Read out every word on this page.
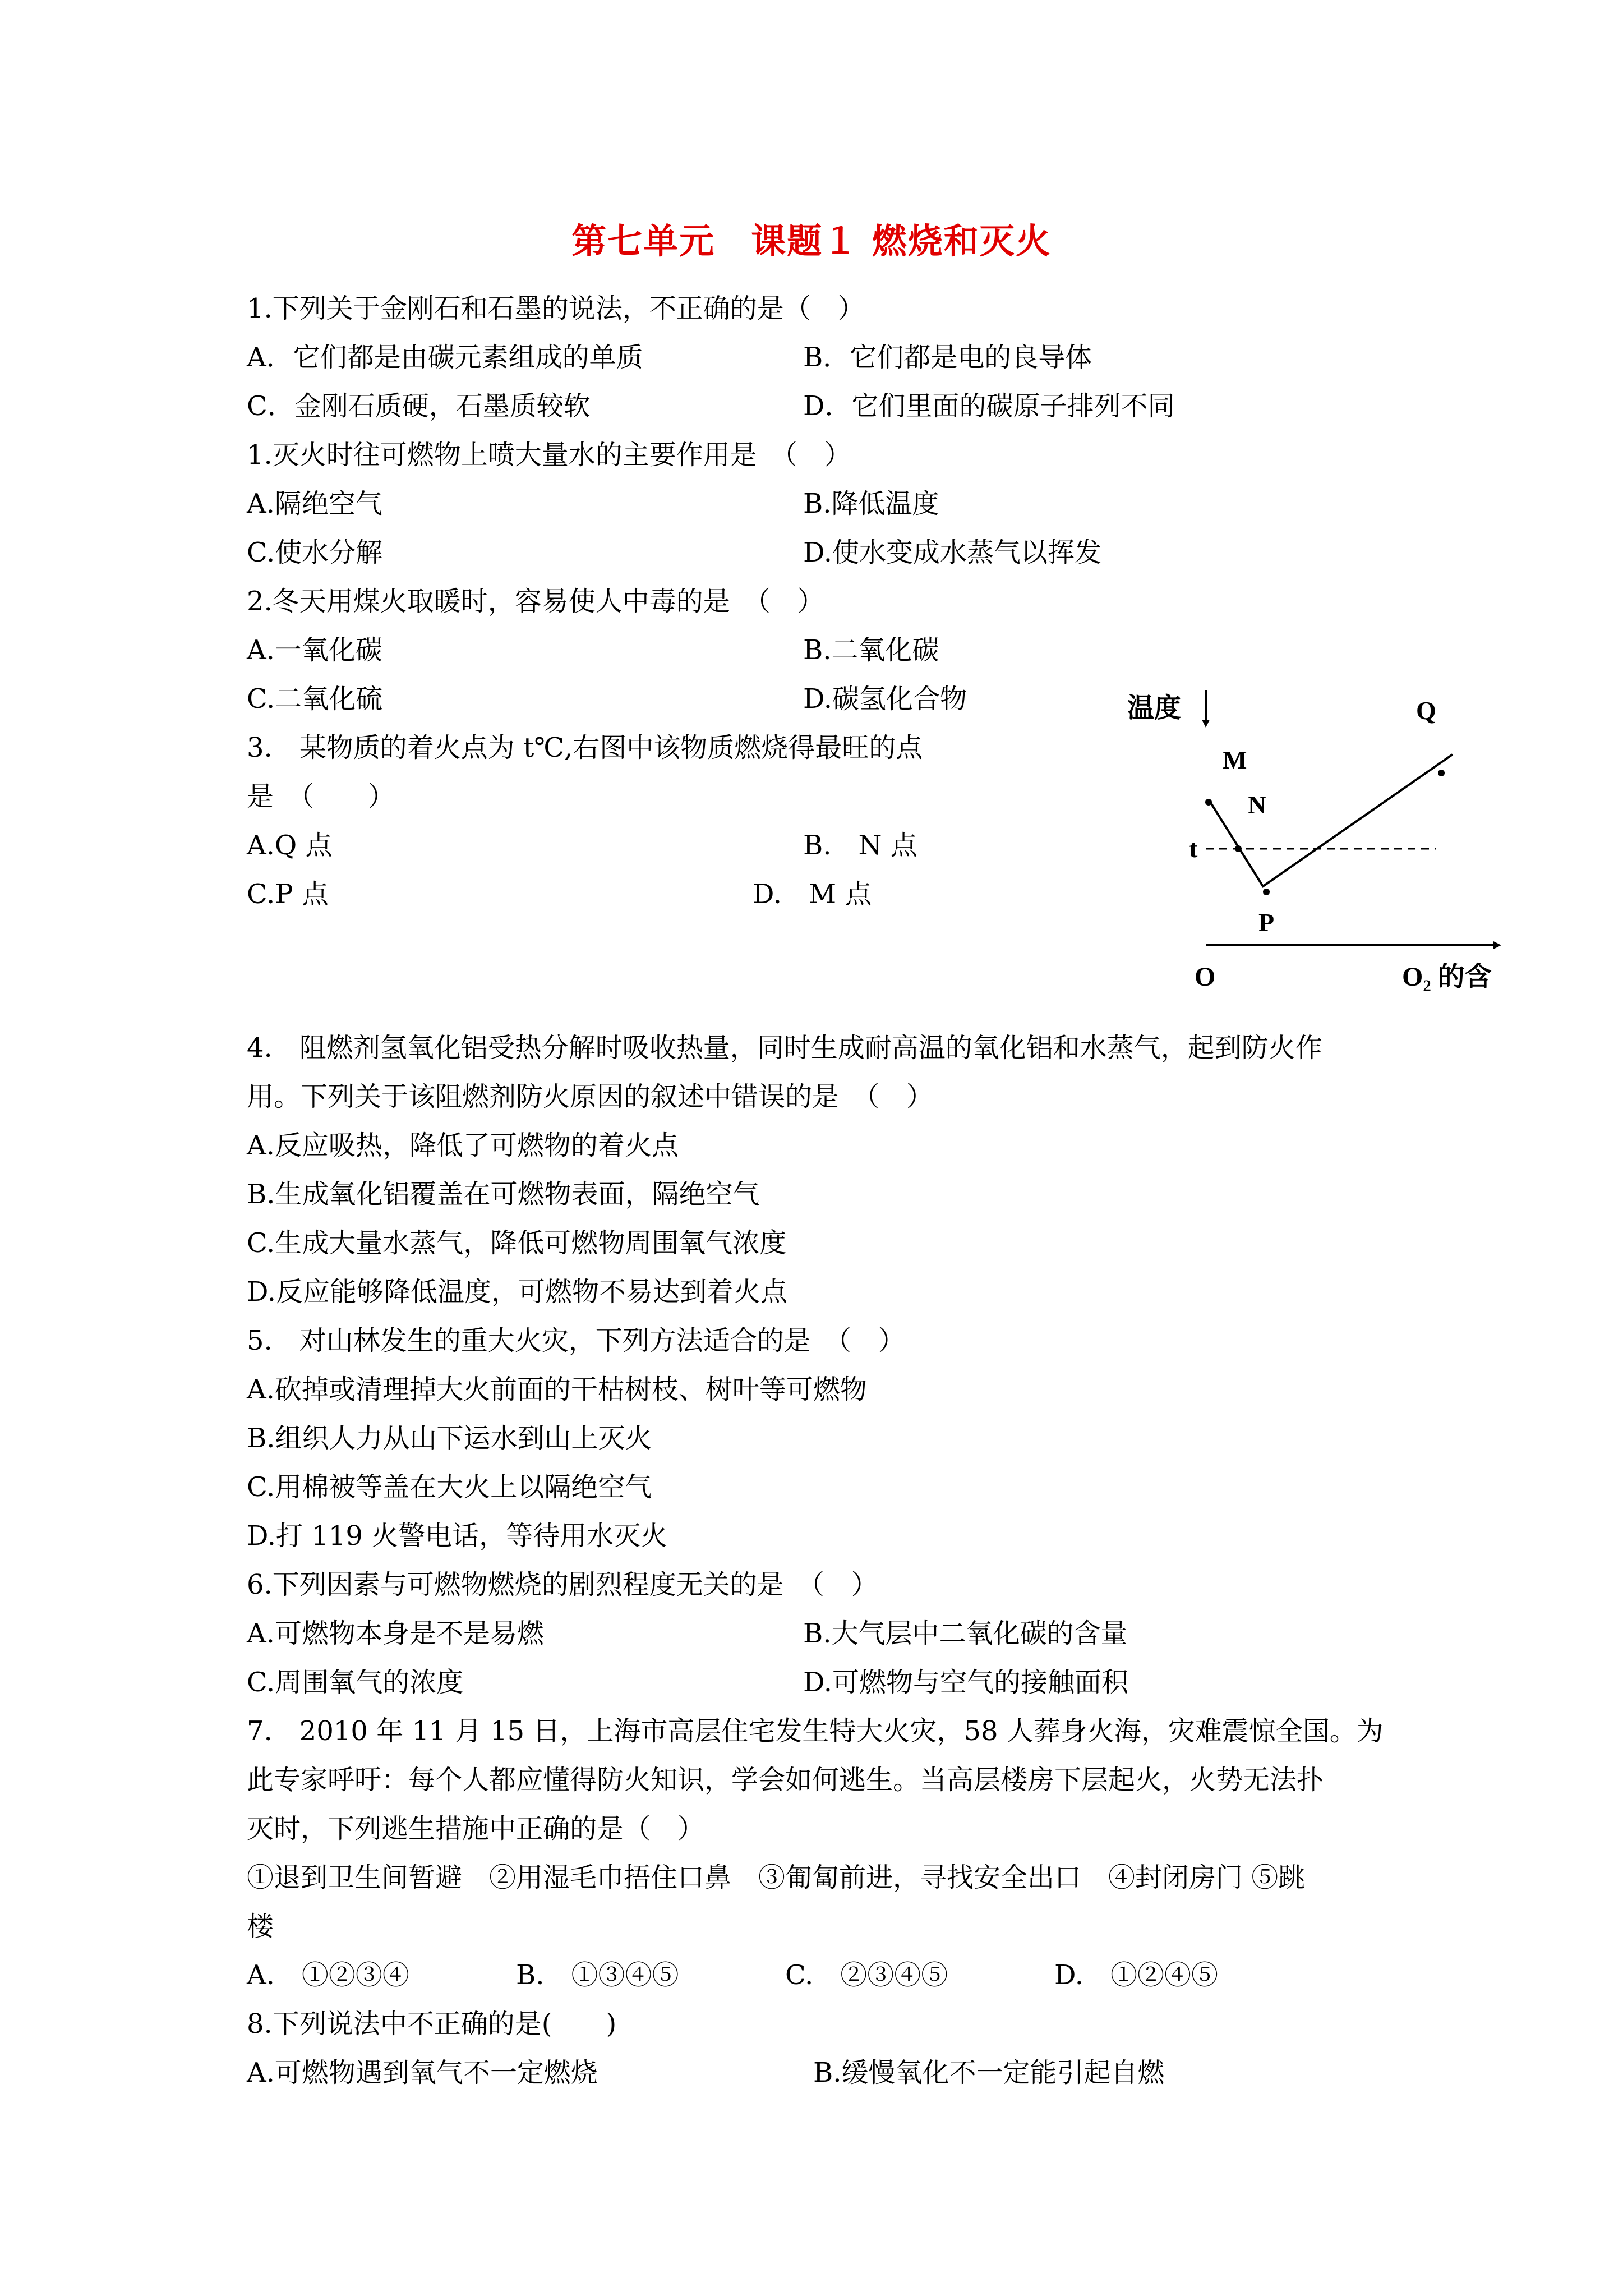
第七单元　课题１ 燃烧和灭火
1.下列关于金刚石和石墨的说法，不正确的是（　）
A．它们都是由碳元素组成的单质	B．它们都是电的良导体
C．金刚石质硬，石墨质较软	D．它们里面的碳原子排列不同
1.灭火时往可燃物上喷大量水的主要作用是　（　）
A.隔绝空气	B.降低温度
C.使水分解	D.使水变成水蒸气以挥发
2.冬天用煤火取暖时，容易使人中毒的是　（　）
A.一氧化碳	B.二氧化碳
C.二氧化硫	D.碳氢化合物
3.　某物质的着火点为 t℃,右图中该物质燃烧得最旺的点
是　（　　）
A.Q 点	B.　N 点
C.P 点	D.　M 点
温度
O
t
O₂ 的含
M
N
P
Q
4.　阻燃剂氢氧化铝受热分解时吸收热量，同时生成耐高温的氧化铝和水蒸气，起到防火作
用。下列关于该阻燃剂防火原因的叙述中错误的是　（　）
A.反应吸热，降低了可燃物的着火点
B.生成氧化铝覆盖在可燃物表面，隔绝空气
C.生成大量水蒸气，降低可燃物周围氧气浓度
D.反应能够降低温度，可燃物不易达到着火点
5.　对山林发生的重大火灾，下列方法适合的是　（　）
A.砍掉或清理掉大火前面的干枯树枝、树叶等可燃物
B.组织人力从山下运水到山上灭火
C.用棉被等盖在大火上以隔绝空气
D.打 119 火警电话，等待用水灭火
6.下列因素与可燃物燃烧的剧烈程度无关的是　（　）
A.可燃物本身是不是易燃	B.大气层中二氧化碳的含量
C.周围氧气的浓度	D.可燃物与空气的接触面积
7.　2010 年 11 月 15 日，上海市高层住宅发生特大火灾，58 人葬身火海，灾难震惊全国。为
此专家呼吁：每个人都应懂得防火知识，学会如何逃生。当高层楼房下层起火，火势无法扑
灭时，下列逃生措施中正确的是（　）
①退到卫生间暂避　②用湿毛巾捂住口鼻　③匍匐前进，寻找安全出口　④封闭房门 ⑤跳
楼
A.　①②③④	B.　①③④⑤	C.　②③④⑤	D.　①②④⑤
8.下列说法中不正确的是(　　)
A.可燃物遇到氧气不一定燃烧	B.缓慢氧化不一定能引起自燃
